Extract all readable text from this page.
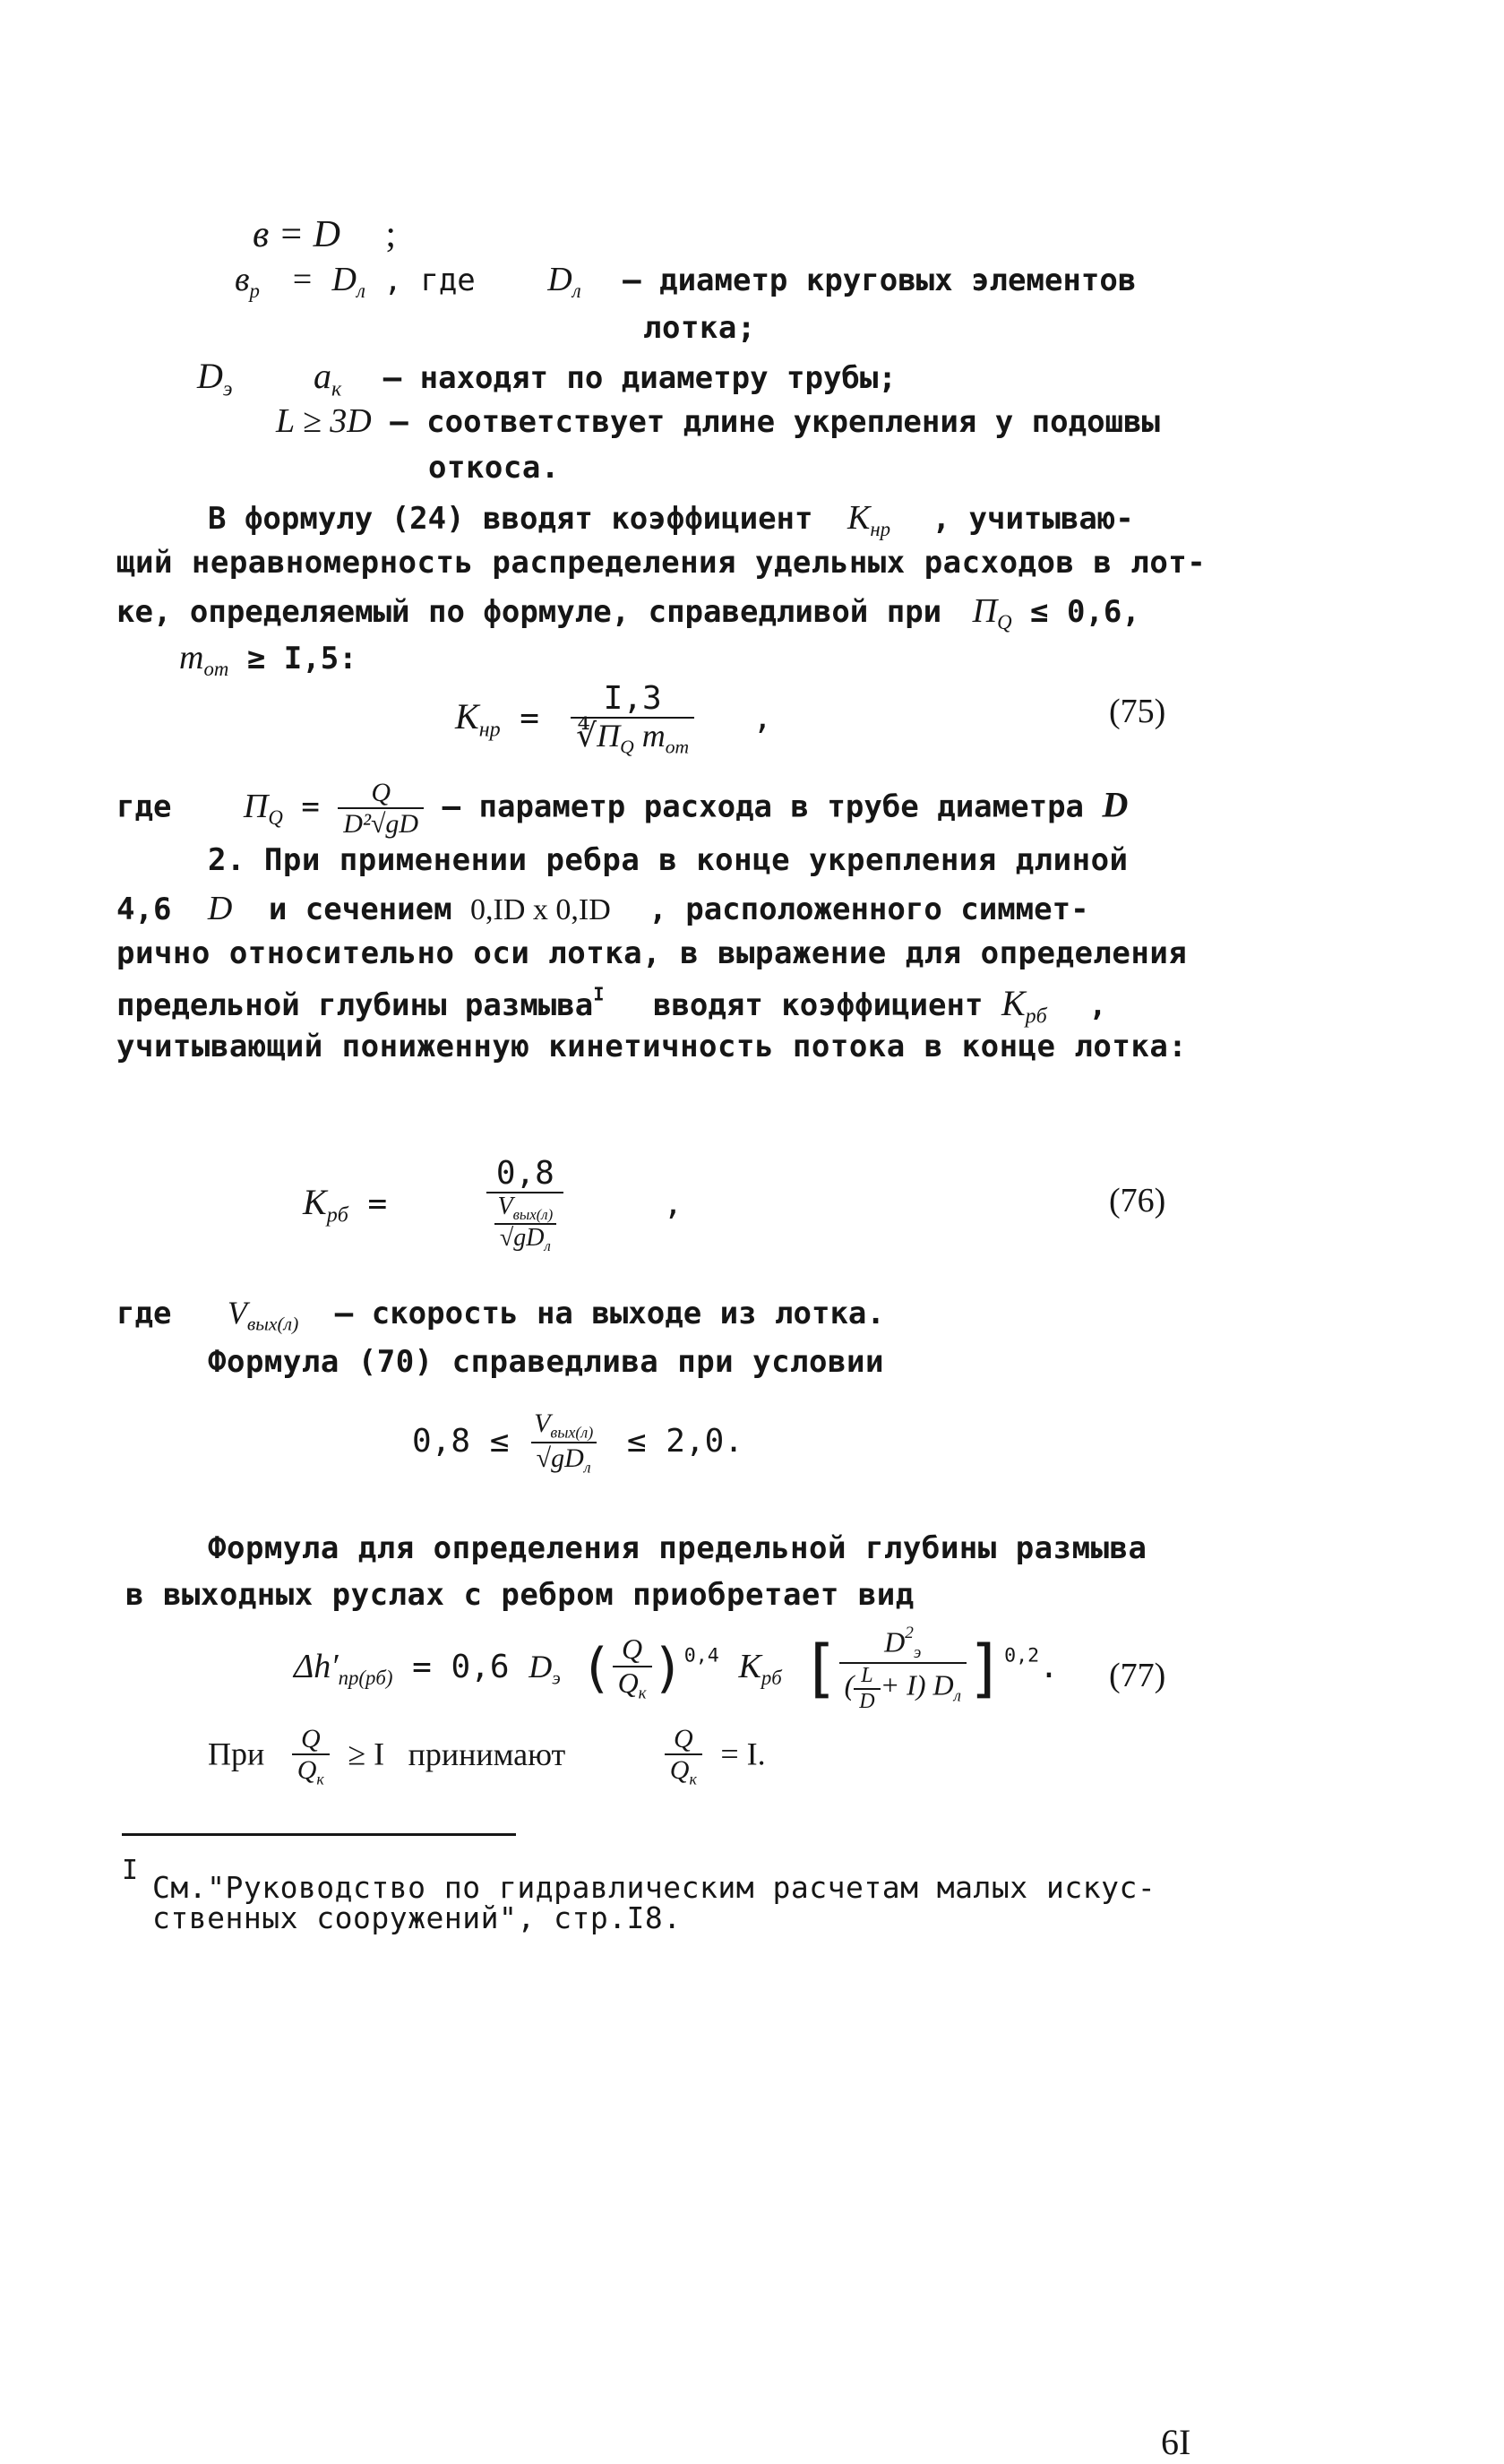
в = D ;
$в_р = D_л$ , где $D_л$ – диаметр круговых элементов
лотка;
$D_э$ $a_к$ – находят по диаметру трубы;
L ≥ 3D – соответствует длине укрепления у подошвы
откоса.
В формулу (24) вводят коэффициент $K_{нр}$ , учитываю-
щий неравномерность распределения удельных расходов в лот-
ке, определяемый по формуле, справедливой при $П_Q \le 0,6$,
$m_{от} \ge I,5$:
$K_{нр} = \frac{I,3}{∜П_Q m_{от}}$ ,	(75)
где $П_Q = \frac{Q}{\text{D²√gD}}$ – параметр расхода в трубе диаметра D
2. При применении ребра в конце укрепления длиной
4,6 D и сечением 0,ID x 0,ID , расположенного симмет-
рично относительно оси лотка, в выражение для определения
предельной глубины размыва$^I$ вводят коэффициент $K_{рб}$ ,
учитывающий пониженную кинетичность потока в конце лотка:
$K_{рб} = \frac{0,8}{\frac{V_{вых(л)}}{√gD_л}}$ ,	(76)
где $V_{вых(л)}$ – скорость на выходе из лотка.
Формула (70) справедлива при условии
$0,8 \le \frac{V_{вых(л)}}{√gD_л} \le 2,0$.
Формула для определения предельной глубины размыва
в выходных руслах с ребром приобретает вид
$\Delta h'_{пр(рб)} = 0,6$ $D_э$ ( $\frac{Q}{Q_к} )^{0,4}$ $K_{рб}$ [ $\frac{D^2_э}{( \frac{L}{D} + I) D_л} ]^{0,2}$. (77)
При $\frac{Q}{Q_к} \ge I$ принимают	$\frac{Q}{Q_к} = I$.
I См."Руководство по гидравлическим расчетам малых искус-
ственных сооружений", стр.I8.
6I
